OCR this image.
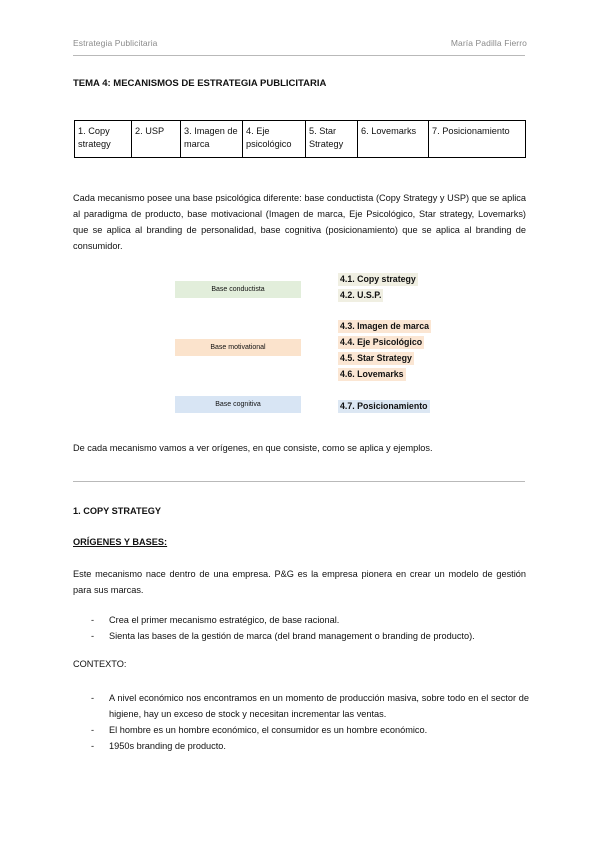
Estrategia Publicitaria	María Padilla Fierro
TEMA 4: MECANISMOS DE ESTRATEGIA PUBLICITARIA
1. Copy strategy	2. USP	3. Imagen de marca	4. Eje psicológico	5. Star Strategy	6. Lovemarks	7. Posicionamiento
Cada mecanismo posee una base psicológica diferente: base conductista (Copy Strategy y USP) que se aplica al paradigma de producto, base motivacional (Imagen de marca, Eje Psicológico, Star strategy, Lovemarks) que se aplica al branding de personalidad, base cognitiva (posicionamiento) que se aplica al branding de consumidor.
Base conductista
Base motivational
Base cognitiva
4.1. Copy strategy
4.2. U.S.P.
4.3. Imagen de marca
4.4. Eje Psicológico
4.5. Star Strategy
4.6. Lovemarks
4.7. Posicionamiento
De cada mecanismo vamos a ver orígenes, en que consiste, como se aplica y ejemplos.
1. COPY STRATEGY
ORÍGENES Y BASES:
Este mecanismo nace dentro de una empresa. P&G es la empresa pionera en crear un modelo de gestión para sus marcas.
- Crea el primer mecanismo estratégico, de base racional.
- Sienta las bases de la gestión de marca (del brand management o branding de producto).
CONTEXTO:
- A nivel económico nos encontramos en un momento de producción masiva, sobre todo en el sector de higiene, hay un exceso de stock y necesitan incrementar las ventas.
- El hombre es un hombre económico, el consumidor es un hombre económico.
- 1950s branding de producto.
